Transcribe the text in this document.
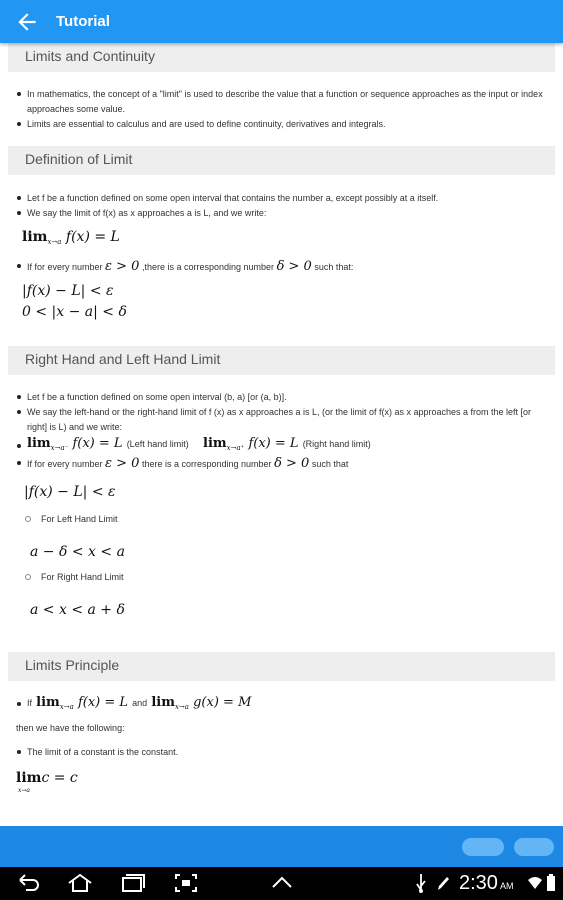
Tutorial
Limits and Continuity
In mathematics, the concept of a "limit" is used to describe the value that a function or sequence approaches as the input or index approaches some value.
Limits are essential to calculus and are used to define continuity, derivatives and integrals.
Definition of Limit
Let f be a function defined on some open interval that contains the number a, except possibly at a itself.
We say the limit of f(x) as x approaches a is L, and we write:
$\lim_{x\to a} f(x) = L$
If for every number ε > 0 ,there is a corresponding number δ > 0 such that:
|f(x) − L| < ε
0 < |x − a| < δ
Right Hand and Left Hand Limit
Let f be a function defined on some open interval (b, a) [or (a, b)].
We say the left-hand or the right-hand limit of f (x) as x approaches a is L, (or the limit of f(x) as x approaches a from the left [or right] is L) and we write:
$\lim_{x\to a^-} f(x) = L$ (Left hand limit) $\lim_{x\to a^+} f(x) = L$ (Right hand limit)
If for every number ε > 0 there is a corresponding number δ > 0 such that
|f(x) − L| < ε
For Left Hand Limit
a − δ < x < a
For Right Hand Limit
a < x < a + δ
Limits Principle
If $\lim_{x\to a} f(x) = L$ and $\lim_{x\to a} g(x) = M$
then we have the following:
The limit of a constant is the constant.
limc = c
x→a
2:30 AM
